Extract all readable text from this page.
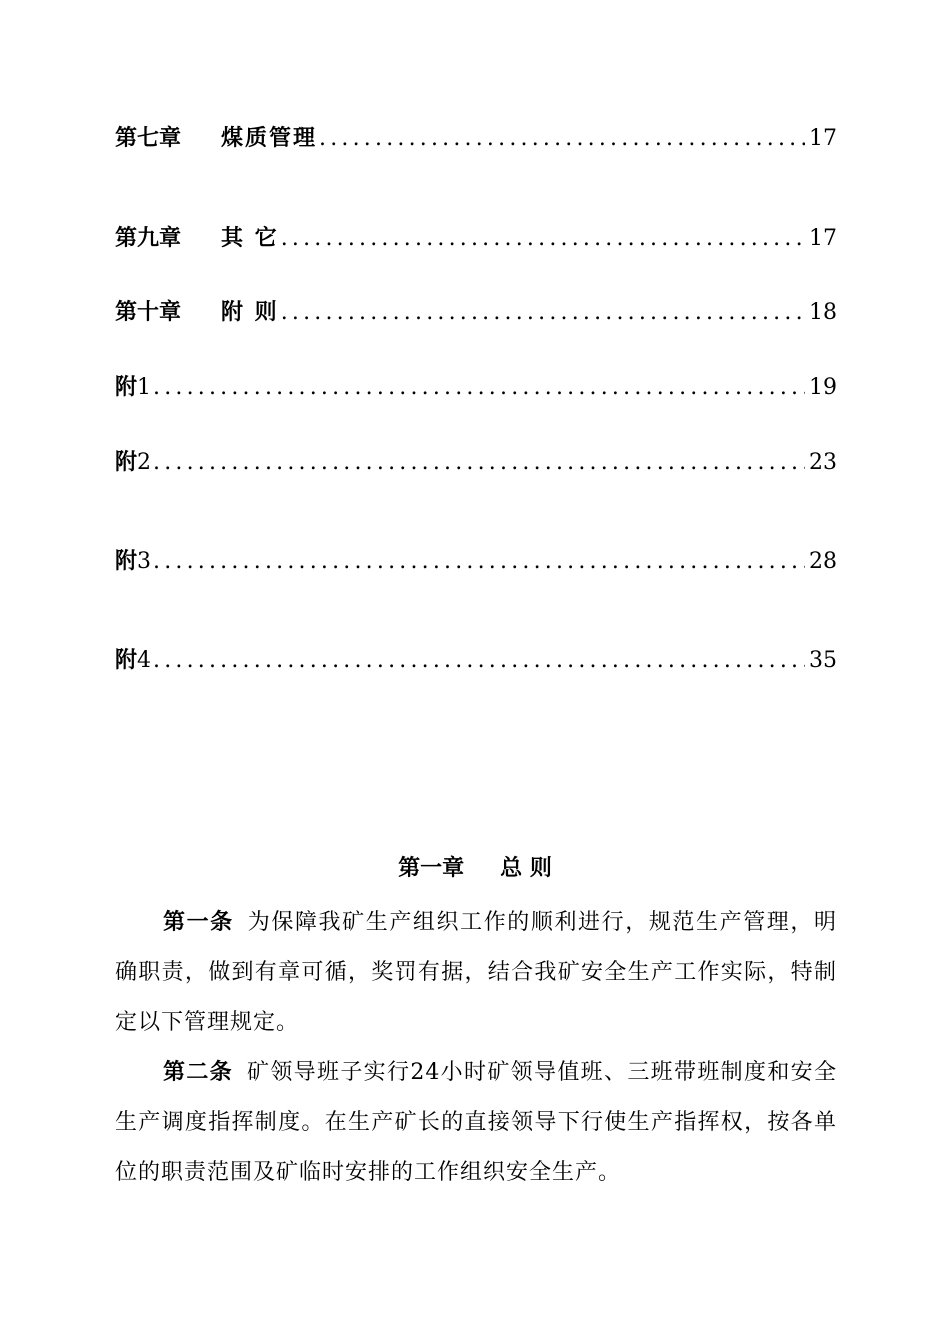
第七章 煤质管理 .....	17
第九章 其 它 .....	17
第十章 附 则 .....	18
附 1 .....	19
附 2 .....	23
附 3 .....	28
附 4 .....	35
第一章 总 则

第一条 为保障我矿生产组织工作的顺利进行，规范生产管理，明确职责，做到有章可循，奖罚有据，结合我矿安全生产工作实际，特制定以下管理规定。

第二条 矿领导班子实行24小时矿领导值班、三班带班制度和安全生产调度指挥制度。在生产矿长的直接领导下行使生产指挥权，按各单位的职责范围及矿临时安排的工作组织安全生产。
